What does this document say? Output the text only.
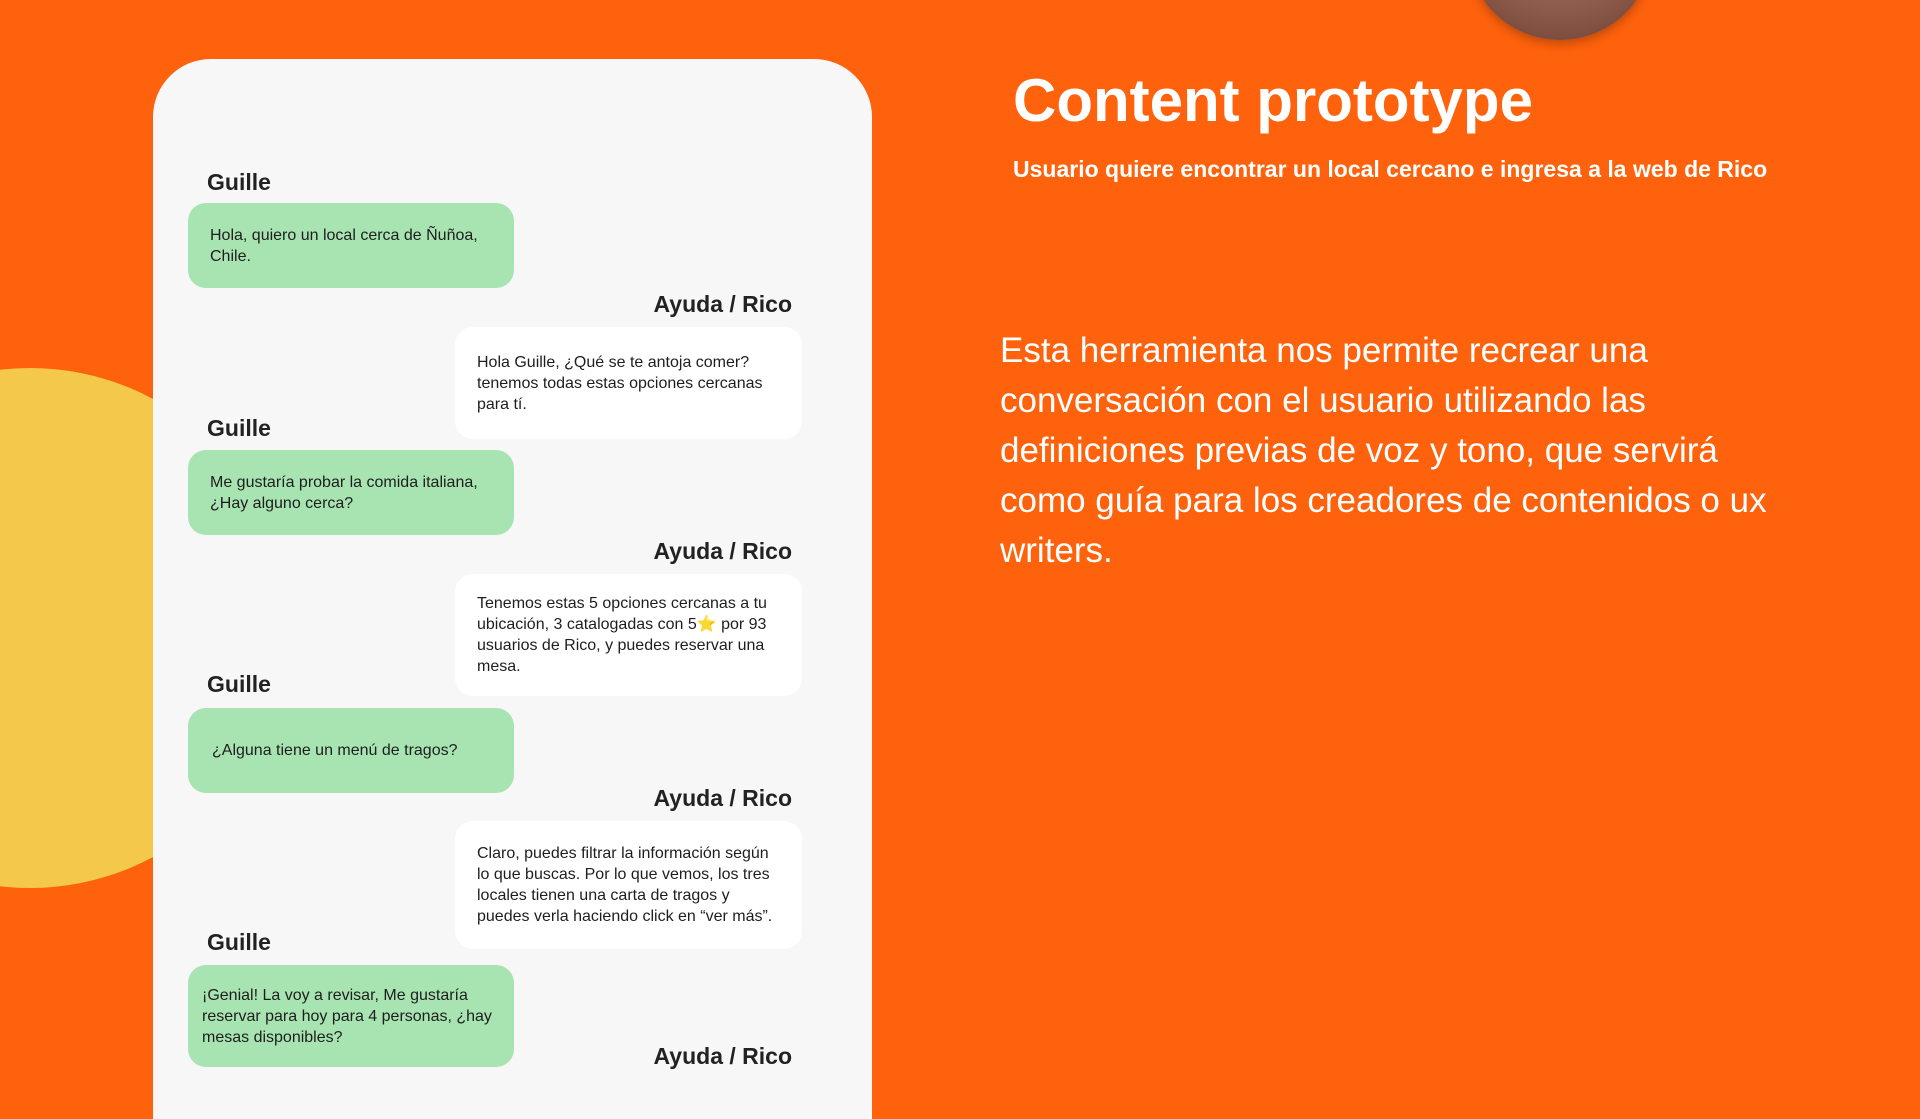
Guille
Hola, quiero un local cerca de Ñuñoa, Chile.
Ayuda / Rico
Hola Guille, ¿Qué se te antoja comer? tenemos todas estas opciones cercanas para tí.
Guille
Me gustaría probar la comida italiana, ¿Hay alguno cerca?
Ayuda / Rico
Tenemos estas 5 opciones cercanas a tu ubicación, 3 catalogadas con 5⭐ por 93 usuarios de Rico, y puedes reservar una mesa.
Guille
¿Alguna tiene un menú de tragos?
Ayuda / Rico
Claro, puedes filtrar la información según lo que buscas. Por lo que vemos, los tres locales tienen una carta de tragos y puedes verla haciendo click en “ver más”.
Guille
¡Genial! La voy a revisar, Me gustaría reservar para hoy para 4 personas, ¿hay mesas disponibles?
Ayuda / Rico
Content prototype
Usuario quiere encontrar un local cercano e ingresa a la web de Rico

Esta herramienta nos permite recrear una conversación con el usuario utilizando las definiciones previas de voz y tono, que servirá como guía para los creadores de contenidos o ux writers.
